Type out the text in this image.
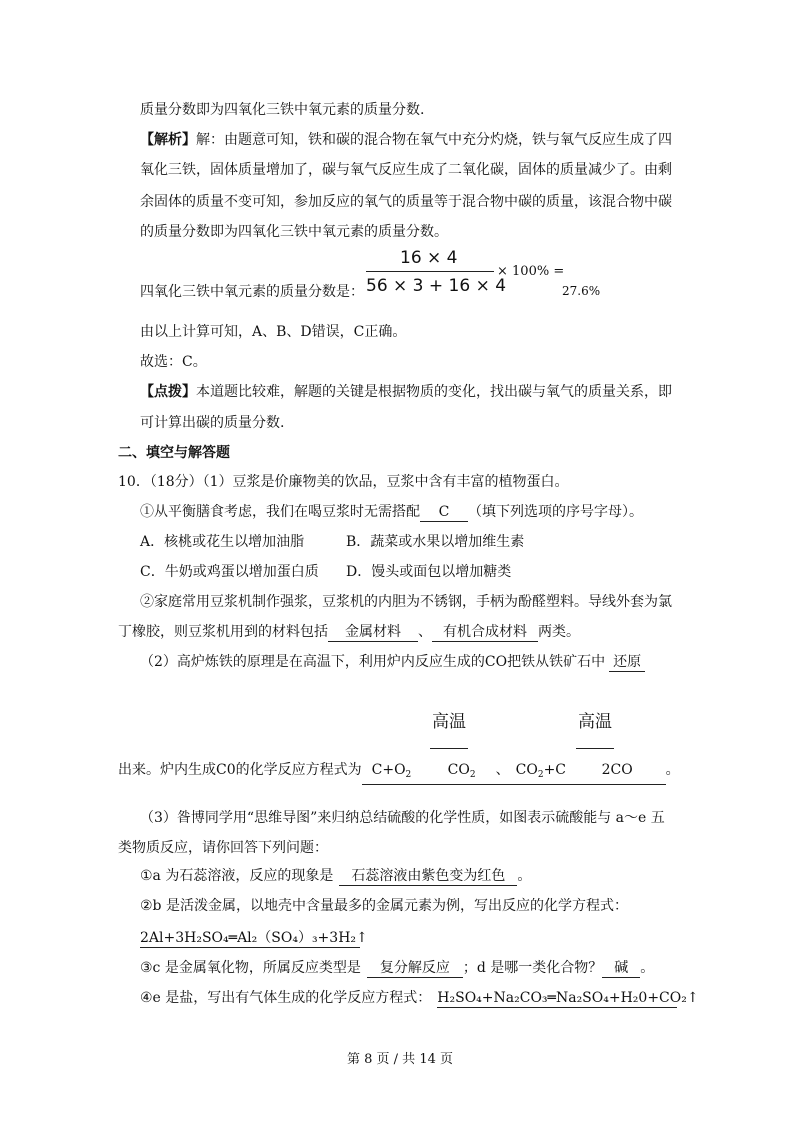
质量分数即为四氧化三铁中氧元素的质量分数.
【解析】解：由题意可知，铁和碳的混合物在氧气中充分灼烧，铁与氧气反应生成了四
氧化三铁，固体质量增加了，碳与氧气反应生成了二氧化碳，固体的质量减少了。由剩
余固体的质量不变可知，参加反应的氧气的质量等于混合物中碳的质量，该混合物中碳
的质量分数即为四氧化三铁中氧元素的质量分数。
四氧化三铁中氧元素的质量分数是：
16 × 4
56 × 3 + 16 × 4
× 100% =
27.6%
由以上计算可知，A、B、D错误，C正确。
故选：C。
【点拨】本道题比较难，解题的关键是根据物质的变化，找出碳与氧气的质量关系，即
可计算出碳的质量分数.
二、填空与解答题
10．（18分）（1）豆浆是价廉物美的饮品，豆浆中含有丰富的植物蛋白。
①从平衡膳食考虑，我们在喝豆浆时无需搭配 C （填下列选项的序号字母）。
A．核桃或花生以增加油脂	B．蔬菜或水果以增加维生素
C．牛奶或鸡蛋以增加蛋白质 D．馒头或面包以增加糖类
②家庭常用豆浆机制作强浆，豆浆机的内胆为不锈钢，手柄为酚醛塑料。导线外套为氯
丁橡胶，则豆浆机用到的材料包括 金属材料 、 有机合成材料 两类。
（2）高炉炼铁的原理是在高温下，利用炉内反应生成的CO把铁从铁矿石中 还原
高温	高温
出来。炉内生成C0的化学反应方程式为 $C+O_2$	$CO_2$ 、 $CO_2+C$	2CO 。
（3）昝博同学用“思维导图”来归纳总结硫酸的化学性质，如图表示硫酸能与 a～e 五
类物质反应，请你回答下列问题：
①a 为石蕊溶液，反应的现象是 石蕊溶液由紫色变为红色 。
②b 是活泼金属，以地壳中含量最多的金属元素为例，写出反应的化学方程式：
2Al+3H₂SO₄═Al₂（SO₄）₃+3H₂↑
③c 是金属氧化物，所属反应类型是 复分解反应 ；d 是哪一类化合物？ 碱 。
④e 是盐，写出有气体生成的化学反应方程式： H₂SO₄+Na₂CO₃═Na₂SO₄+H₂0+CO₂↑
第 8 页 / 共 14 页
